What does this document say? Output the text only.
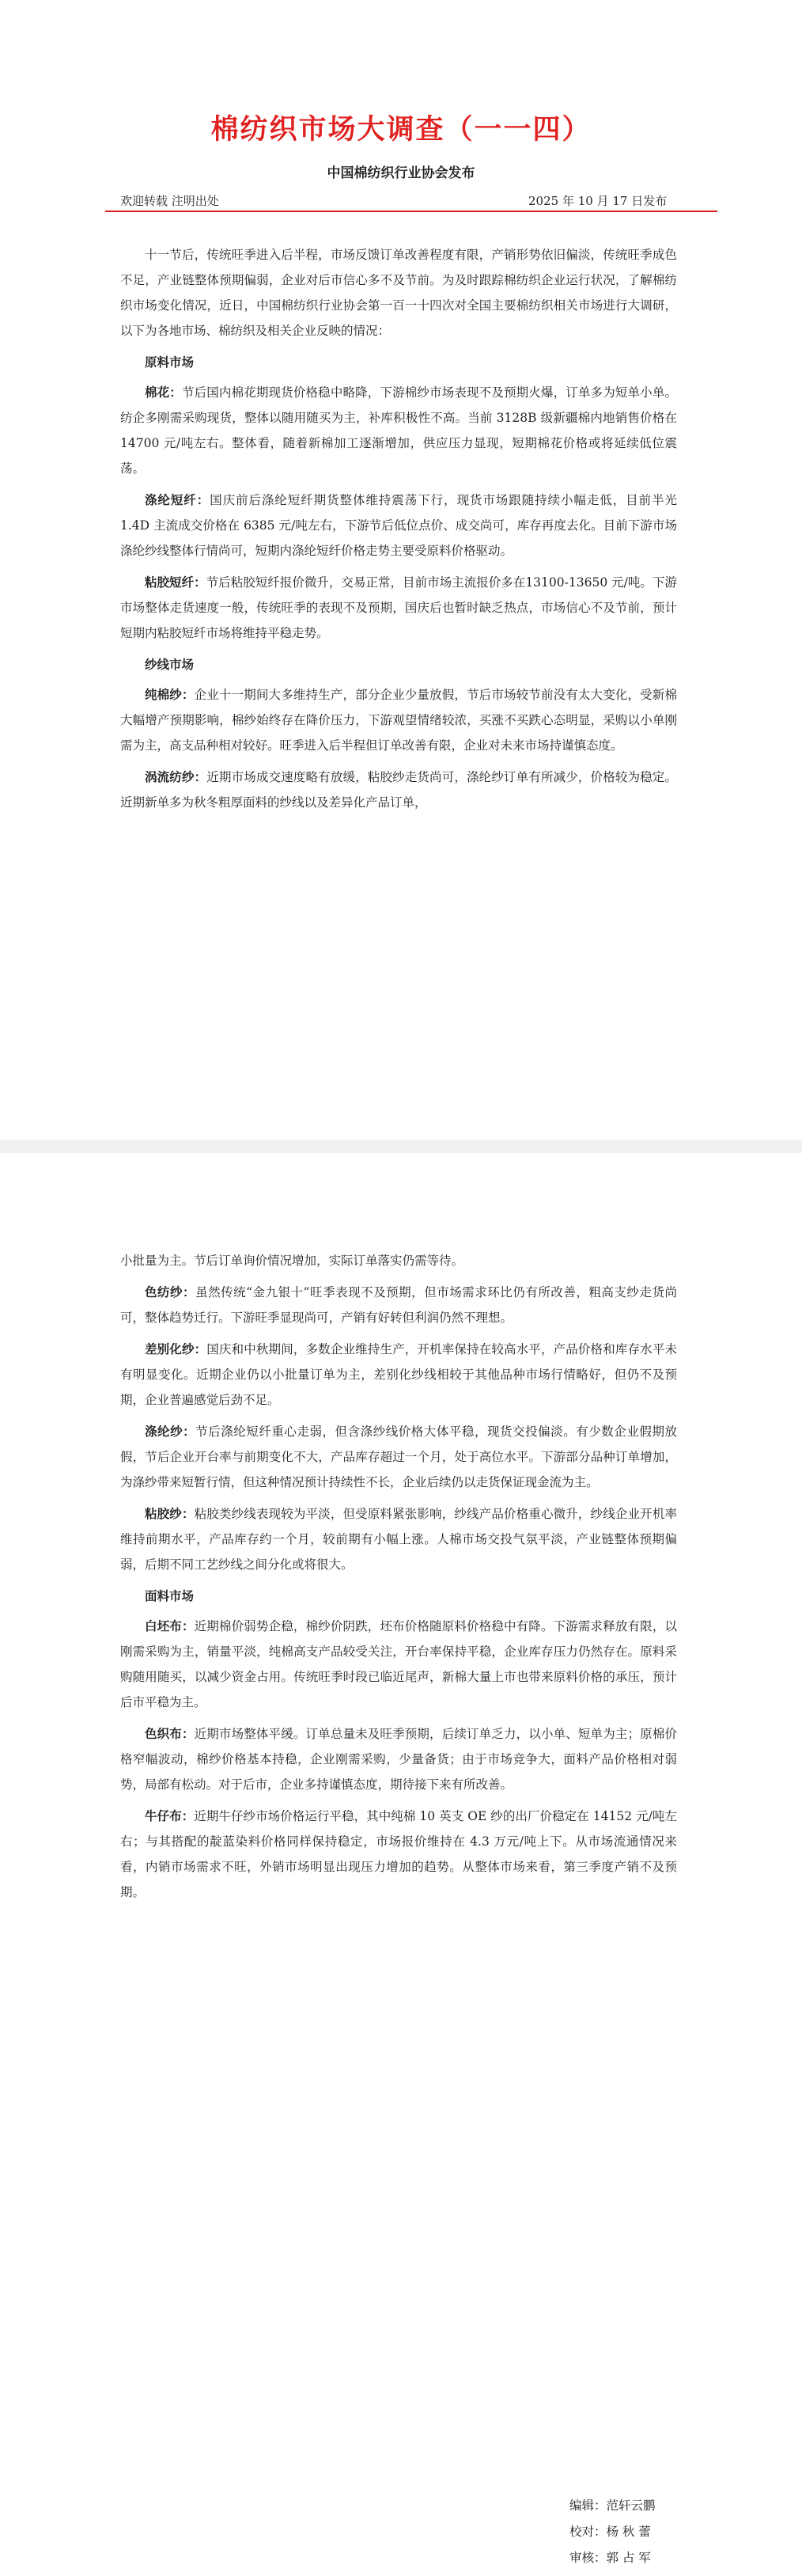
棉纺织市场大调查（一一四）
中国棉纺织行业协会发布
欢迎转载 注明出处	2025 年 10 月 17 日发布

十一节后，传统旺季进入后半程，市场反馈订单改善程度有限，产销形势依旧偏淡，传统旺季成色不足，产业链整体预期偏弱，企业对后市信心多不及节前。为及时跟踪棉纺织企业运行状况，了解棉纺织市场变化情况，近日，中国棉纺织行业协会第一百一十四次对全国主要棉纺织相关市场进行大调研，以下为各地市场、棉纺织及相关企业反映的情况：

原料市场

棉花：节后国内棉花期现货价格稳中略降，下游棉纱市场表现不及预期火爆，订单多为短单小单。纺企多刚需采购现货，整体以随用随买为主，补库积极性不高。当前 3128B 级新疆棉内地销售价格在 14700 元/吨左右。整体看，随着新棉加工逐渐增加，供应压力显现，短期棉花价格或将延续低位震荡。

涤纶短纤：国庆前后涤纶短纤期货整体维持震荡下行，现货市场跟随持续小幅走低，目前半光 1.4D 主流成交价格在 6385 元/吨左右，下游节后低位点价、成交尚可，库存再度去化。目前下游市场涤纶纱线整体行情尚可，短期内涤纶短纤价格走势主要受原料价格驱动。

粘胶短纤：节后粘胶短纤报价微升，交易正常，目前市场主流报价多在13100-13650 元/吨。下游市场整体走货速度一般，传统旺季的表现不及预期，国庆后也暂时缺乏热点，市场信心不及节前，预计短期内粘胶短纤市场将维持平稳走势。

纱线市场

纯棉纱：企业十一期间大多维持生产，部分企业少量放假，节后市场较节前没有太大变化，受新棉大幅增产预期影响，棉纱始终存在降价压力，下游观望情绪较浓，买涨不买跌心态明显，采购以小单刚需为主，高支品种相对较好。旺季进入后半程但订单改善有限，企业对未来市场持谨慎态度。

涡流纺纱：近期市场成交速度略有放缓，粘胶纱走货尚可，涤纶纱订单有所减少，价格较为稳定。近期新单多为秋冬粗厚面料的纱线以及差异化产品订单，

小批量为主。节后订单询价情况增加，实际订单落实仍需等待。

色纺纱：虽然传统“金九银十”旺季表现不及预期，但市场需求环比仍有所改善，粗高支纱走货尚可，整体趋势迁行。下游旺季显现尚可，产销有好转但利润仍然不理想。

差别化纱：国庆和中秋期间，多数企业维持生产，开机率保持在较高水平，产品价格和库存水平未有明显变化。近期企业仍以小批量订单为主，差别化纱线相较于其他品种市场行情略好，但仍不及预期，企业普遍感觉后劲不足。

涤纶纱：节后涤纶短纤重心走弱，但含涤纱线价格大体平稳，现货交投偏淡。有少数企业假期放假，节后企业开台率与前期变化不大，产品库存超过一个月，处于高位水平。下游部分品种订单增加，为涤纱带来短暂行情，但这种情况预计持续性不长，企业后续仍以走货保证现金流为主。

粘胶纱：粘胶类纱线表现较为平淡，但受原料紧张影响，纱线产品价格重心微升，纱线企业开机率维持前期水平，产品库存约一个月，较前期有小幅上涨。人棉市场交投气氛平淡，产业链整体预期偏弱，后期不同工艺纱线之间分化或将很大。

面料市场

白坯布：近期棉价弱势企稳，棉纱价阴跌，坯布价格随原料价格稳中有降。下游需求释放有限，以刚需采购为主，销量平淡，纯棉高支产品较受关注，开台率保持平稳，企业库存压力仍然存在。原料采购随用随买，以减少资金占用。传统旺季时段已临近尾声，新棉大量上市也带来原料价格的承压，预计后市平稳为主。

色织布：近期市场整体平缓。订单总量未及旺季预期，后续订单乏力，以小单、短单为主；原棉价格窄幅波动，棉纱价格基本持稳，企业刚需采购，少量备货；由于市场竞争大，面料产品价格相对弱势，局部有松动。对于后市，企业多持谨慎态度，期待接下来有所改善。

牛仔布：近期牛仔纱市场价格运行平稳，其中纯棉 10 英支 OE 纱的出厂价稳定在 14152 元/吨左右；与其搭配的靛蓝染料价格同样保持稳定，市场报价维持在 4.3 万元/吨上下。从市场流通情况来看，内销市场需求不旺，外销市场明显出现压力增加的趋势。从整体市场来看，第三季度产销不及预期。

编辑：范轩云鹏
校对：杨 秋 蕾
审核：郭 占 军
